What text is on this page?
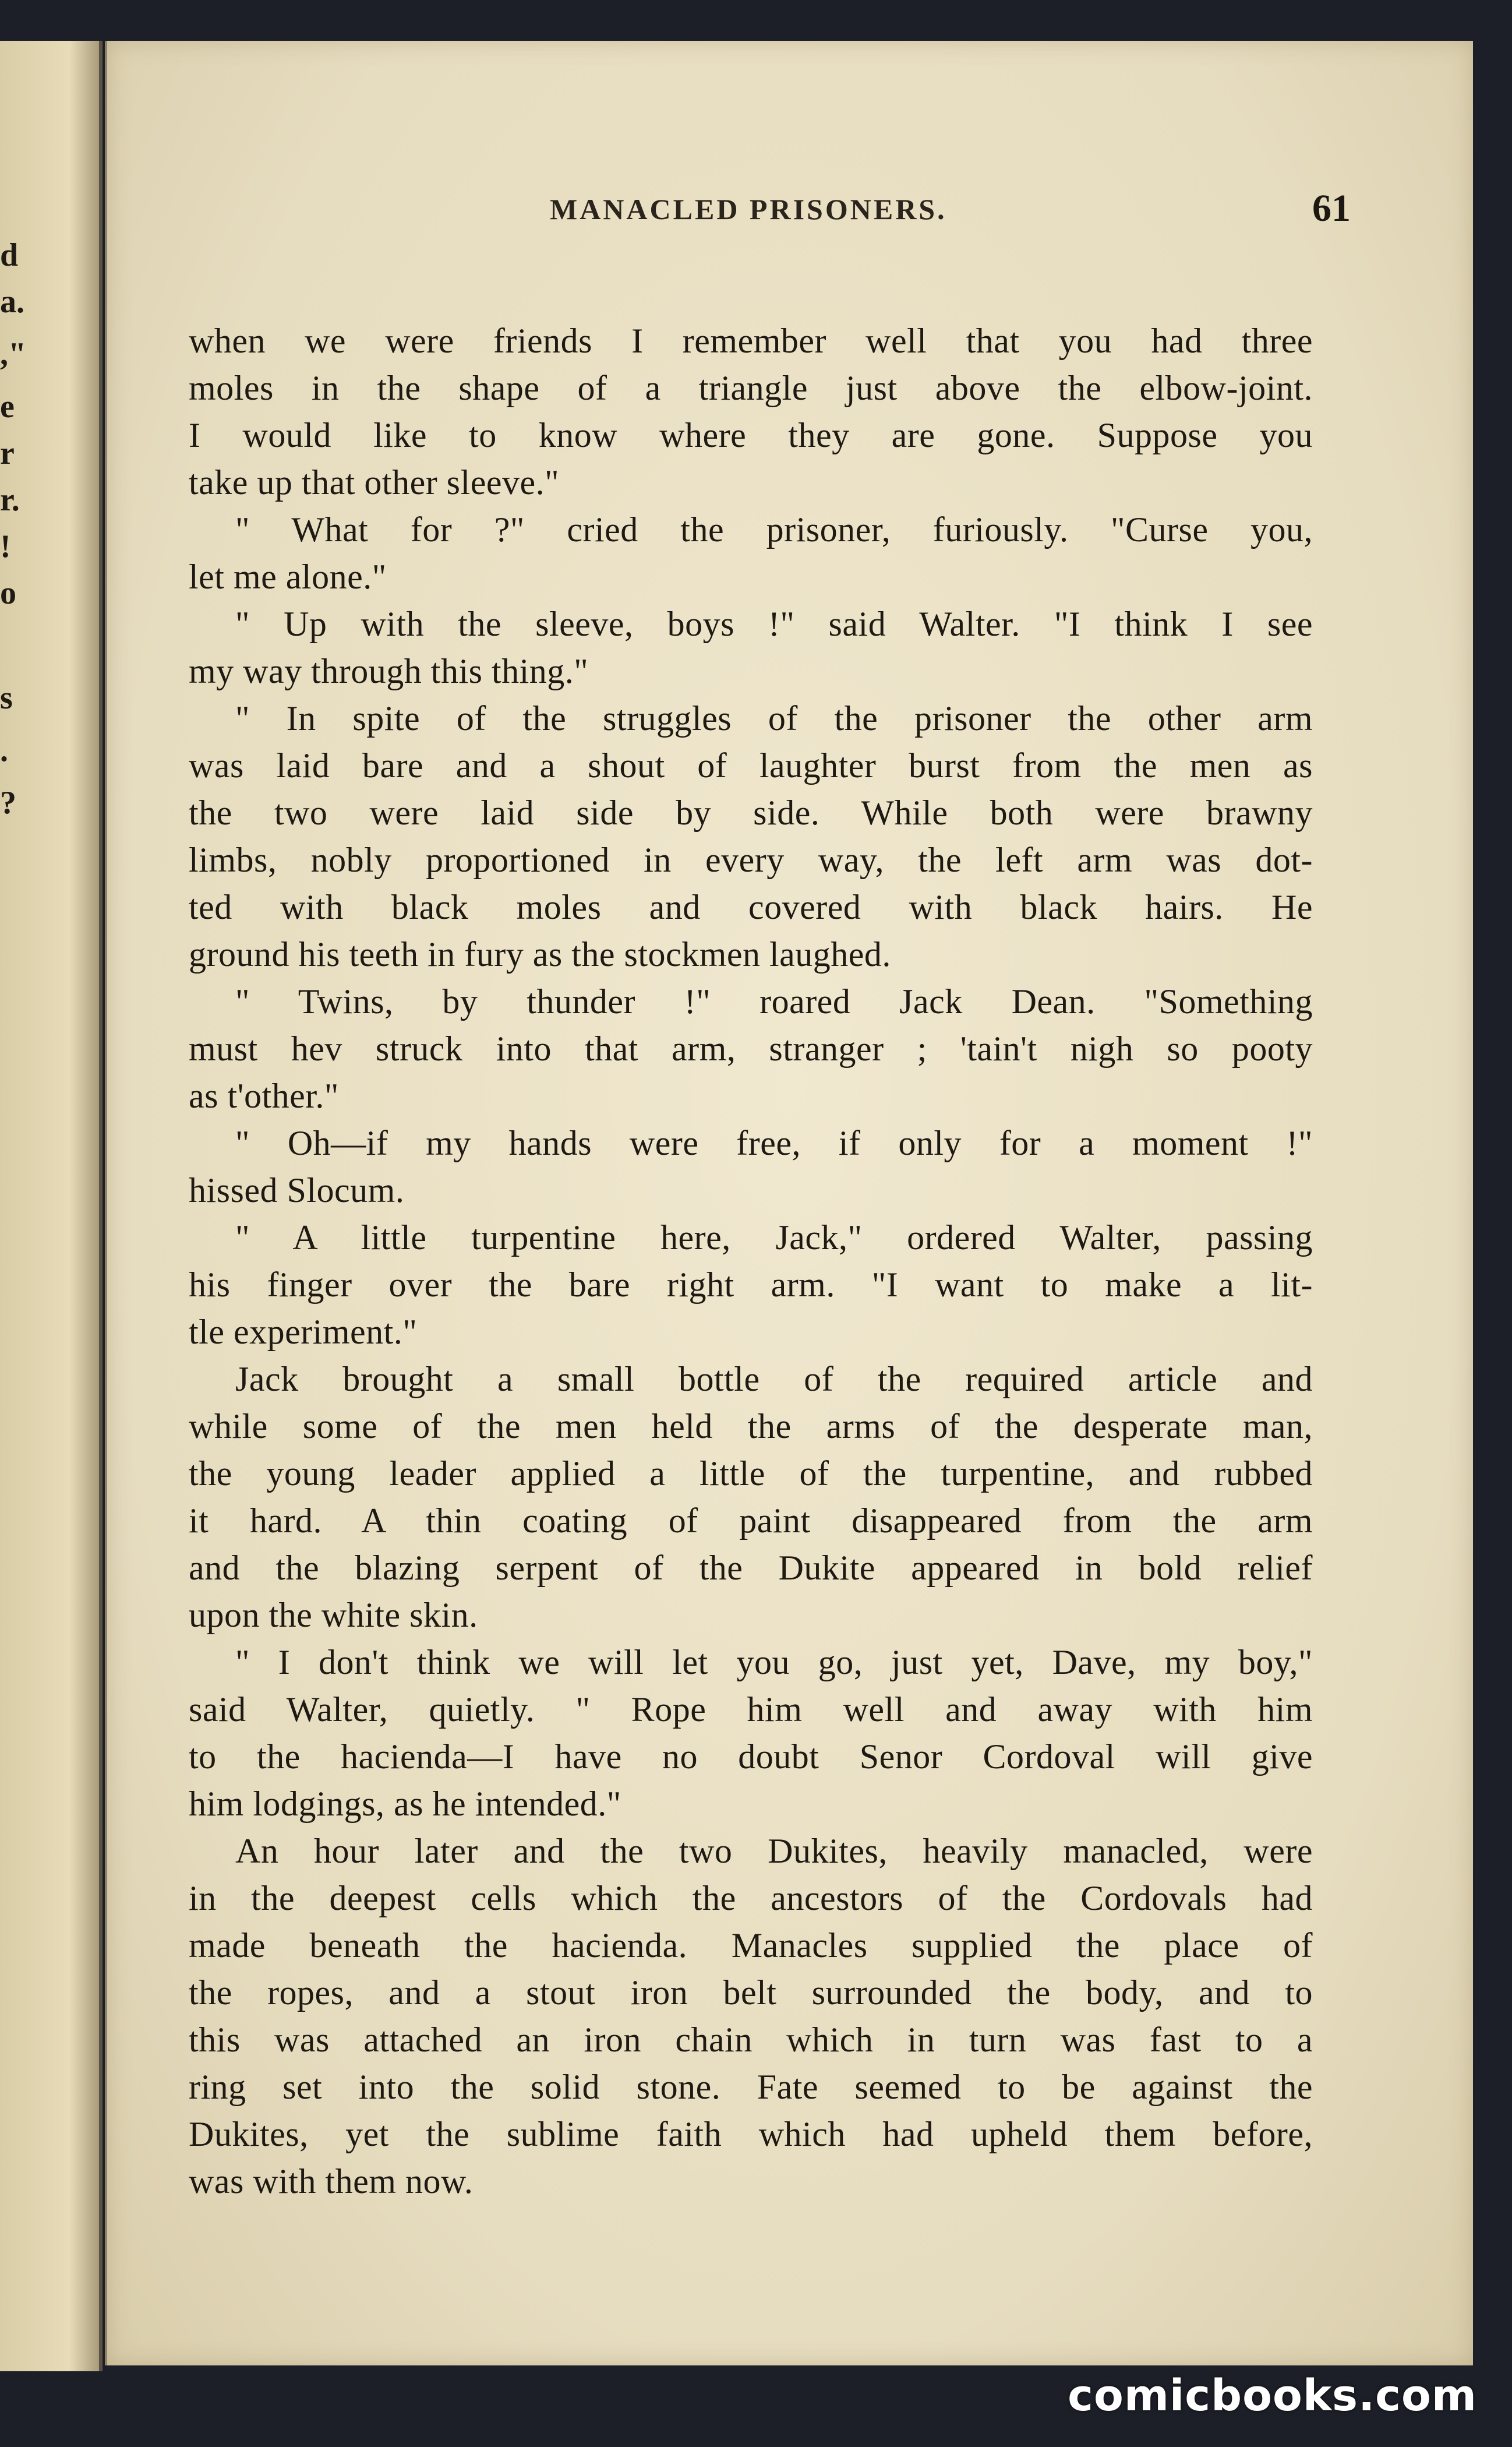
d
a.
,"
e
r
r.
!
o
s
.
?
MANACLED PRISONERS.	61
when we were friends I remember well that you had three
moles in the shape of a triangle just above the elbow-joint.
I would like to know where they are gone. Suppose you
take up that other sleeve."
" What for ?" cried the prisoner, furiously. "Curse you,
let me alone."
" Up with the sleeve, boys !" said Walter. "I think I see
my way through this thing."
" In spite of the struggles of the prisoner the other arm
was laid bare and a shout of laughter burst from the men as
the two were laid side by side. While both were brawny
limbs, nobly proportioned in every way, the left arm was dot-
ted with black moles and covered with black hairs. He
ground his teeth in fury as the stockmen laughed.
" Twins, by thunder !" roared Jack Dean. "Something
must hev struck into that arm, stranger ; 'tain't nigh so pooty
as t'other."
" Oh—if my hands were free, if only for a moment !"
hissed Slocum.
" A little turpentine here, Jack," ordered Walter, passing
his finger over the bare right arm. "I want to make a lit-
tle experiment."
Jack brought a small bottle of the required article and
while some of the men held the arms of the desperate man,
the young leader applied a little of the turpentine, and rubbed
it hard. A thin coating of paint disappeared from the arm
and the blazing serpent of the Dukite appeared in bold relief
upon the white skin.
" I don't think we will let you go, just yet, Dave, my boy,"
said Walter, quietly. " Rope him well and away with him
to the hacienda—I have no doubt Senor Cordoval will give
him lodgings, as he intended."
An hour later and the two Dukites, heavily manacled, were
in the deepest cells which the ancestors of the Cordovals had
made beneath the hacienda. Manacles supplied the place of
the ropes, and a stout iron belt surrounded the body, and to
this was attached an iron chain which in turn was fast to a
ring set into the solid stone. Fate seemed to be against the
Dukites, yet the sublime faith which had upheld them before,
was with them now.
comicbooks.com
